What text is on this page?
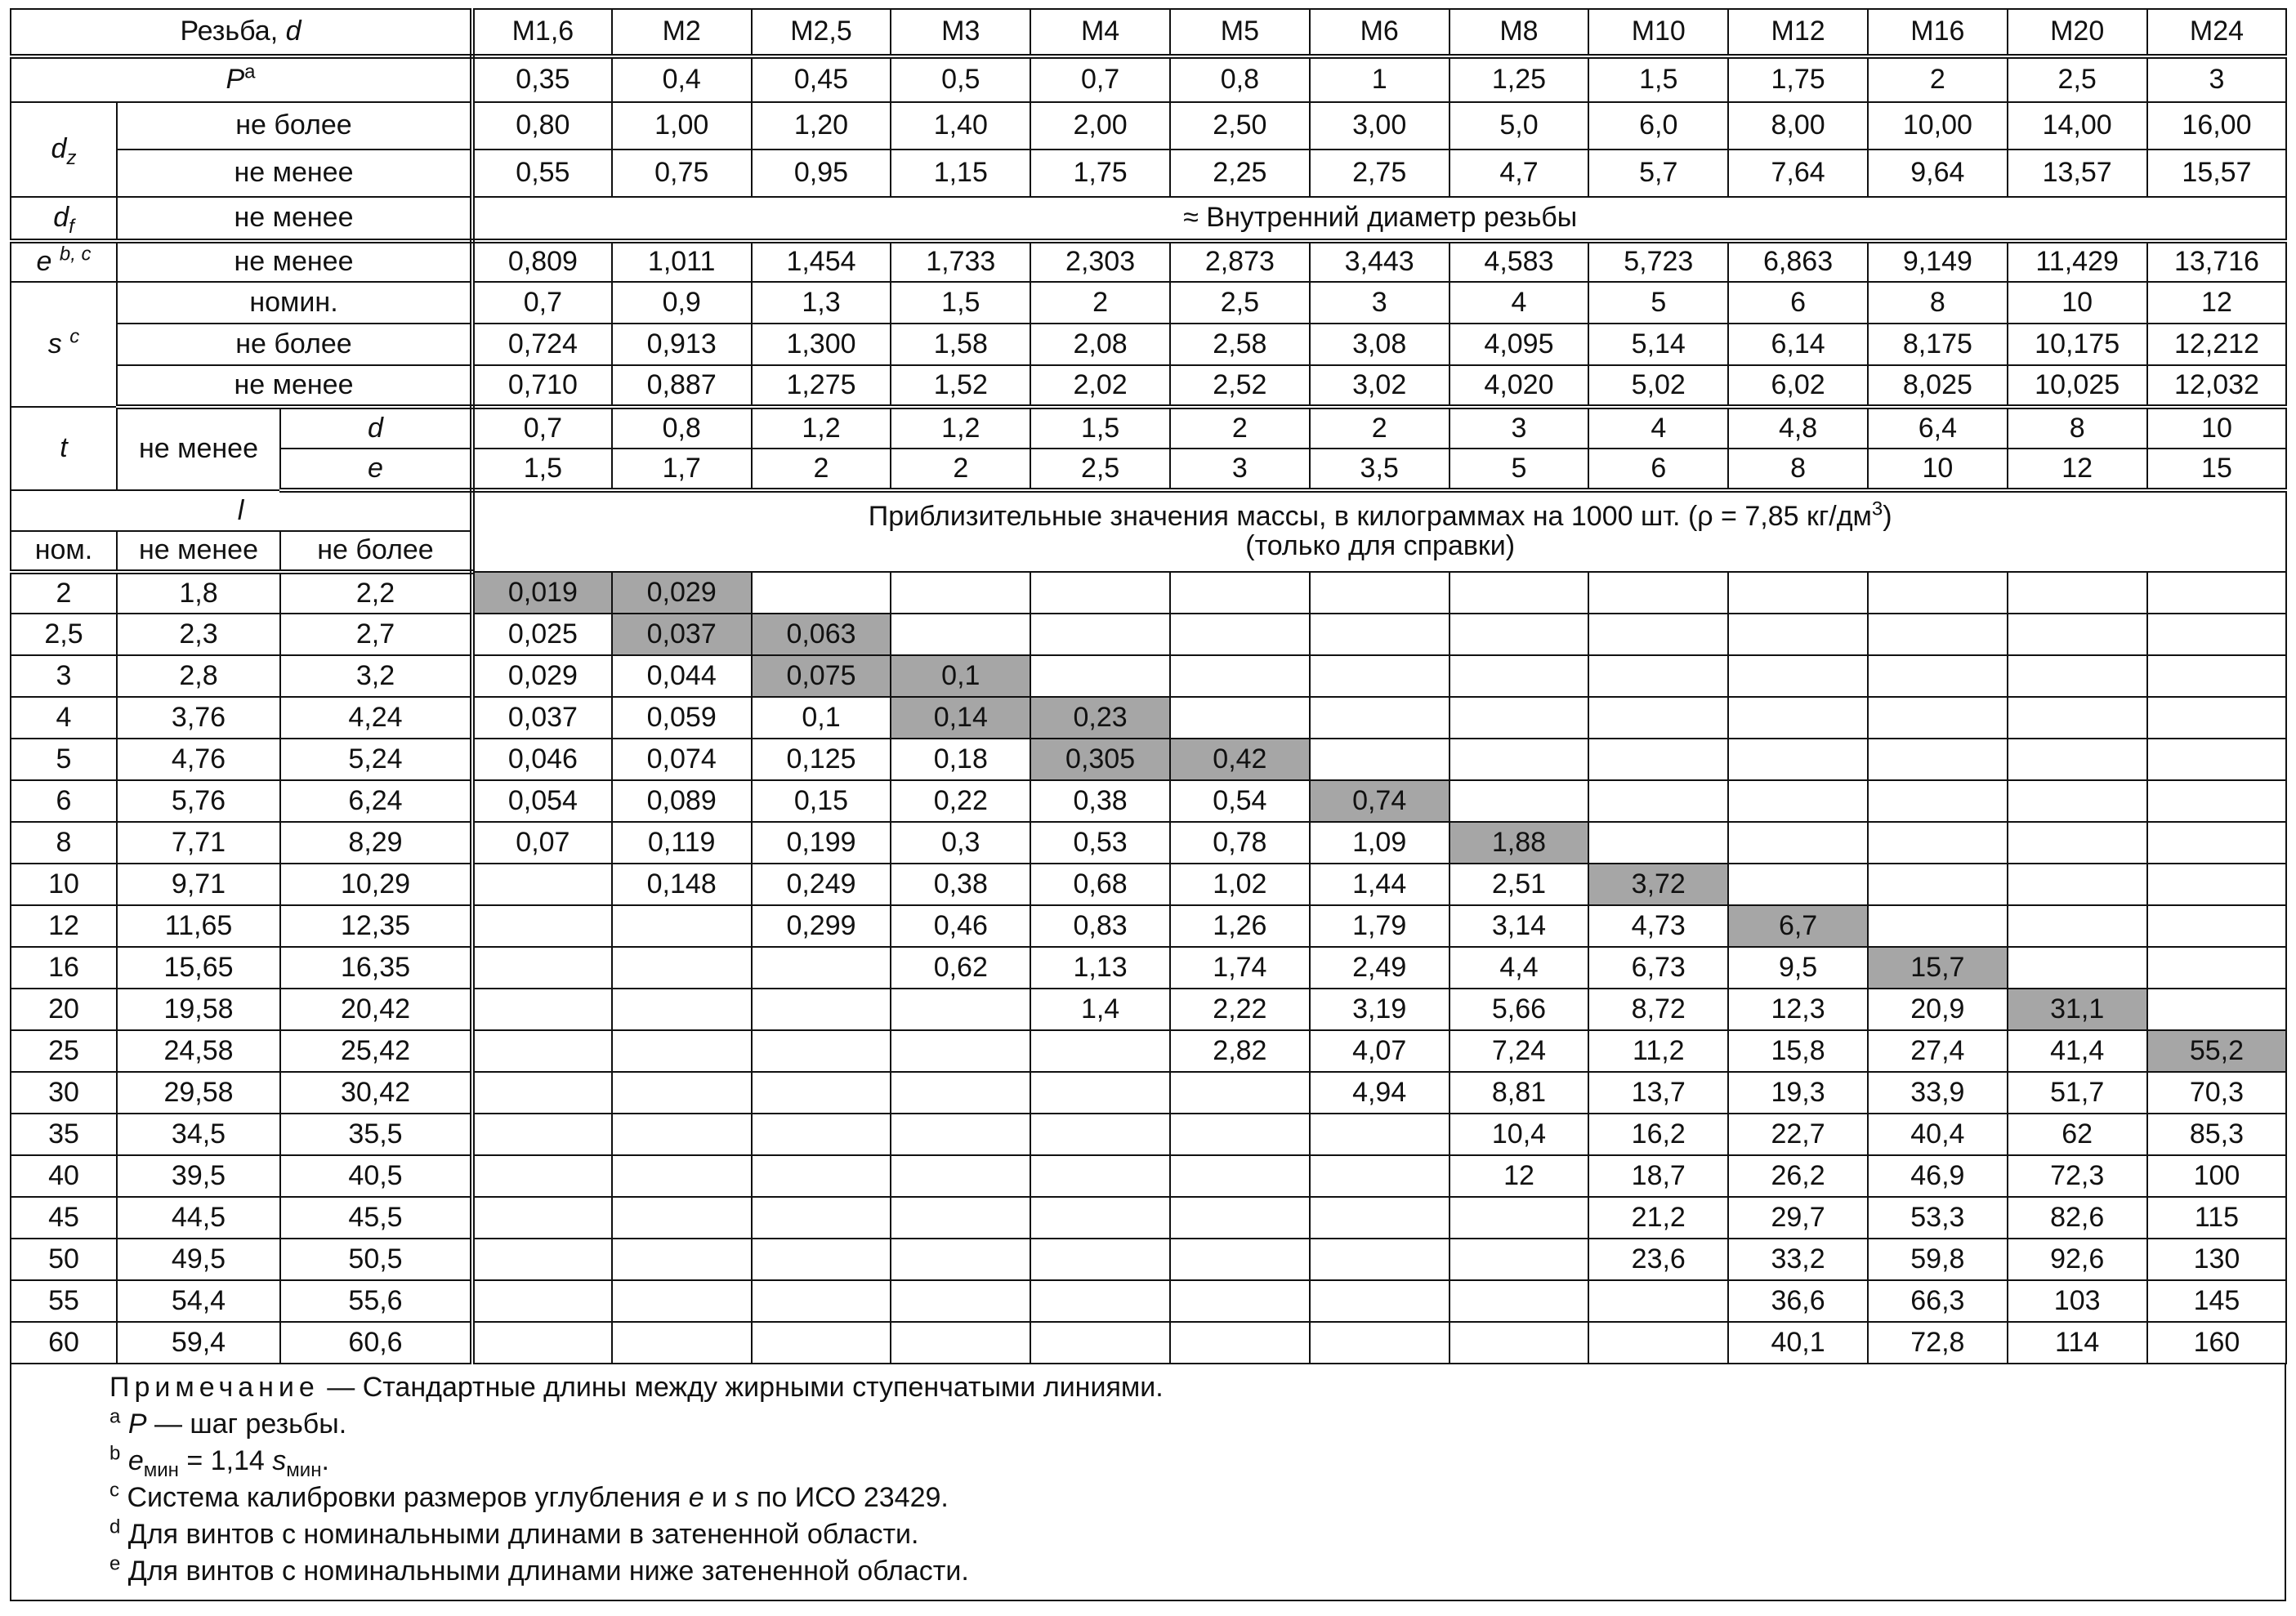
Резьба, d			M1,6	M2	M2,5	M3	M4	M5	M6	M8	M10	M12	M16	M20	M24
$P^a$			0,35	0,4	0,45	0,5	0,7	0,8	1	1,25	1,5	1,75	2	2,5	3
$d_z$	не более		0,80	1,00	1,20	1,40	2,00	2,50	3,00	5,0	6,0	8,00	10,00	14,00	16,00
	не менее		0,55	0,75	0,95	1,15	1,75	2,25	2,75	4,7	5,7	7,64	9,64	13,57	15,57
$d_f$	не менее		≈ Внутренний диаметр резьбы												
e $^{b, c}$	не менее		0,809	1,011	1,454	1,733	2,303	2,873	3,443	4,583	5,723	6,863	9,149	11,429	13,716
s $^c$	номин.		0,7	0,9	1,3	1,5	2	2,5	3	4	5	6	8	10	12
	не более		0,724	0,913	1,300	1,58	2,08	2,58	3,08	4,095	5,14	6,14	8,175	10,175	12,212
	не менее		0,710	0,887	1,275	1,52	2,02	2,52	3,02	4,020	5,02	6,02	8,025	10,025	12,032
t	не менее	d	0,7	0,8	1,2	1,2	1,5	2	2	3	4	4,8	6,4	8	10
		e	1,5	1,7	2	2	2,5	3	3,5	5	6	8	10	12	15
l			Приблизительные значения массы, в килограммах на 1000 шт. (ρ = 7,85 $кг/дм^3$)
(только для справки)												
ном.	не менее	не более													
2	1,8	2,2	0,019	0,029											
2,5	2,3	2,7	0,025	0,037	0,063										
3	2,8	3,2	0,029	0,044	0,075	0,1									
4	3,76	4,24	0,037	0,059	0,1	0,14	0,23								
5	4,76	5,24	0,046	0,074	0,125	0,18	0,305	0,42							
6	5,76	6,24	0,054	0,089	0,15	0,22	0,38	0,54	0,74						
8	7,71	8,29	0,07	0,119	0,199	0,3	0,53	0,78	1,09	1,88					
10	9,71	10,29		0,148	0,249	0,38	0,68	1,02	1,44	2,51	3,72				
12	11,65	12,35			0,299	0,46	0,83	1,26	1,79	3,14	4,73	6,7			
16	15,65	16,35				0,62	1,13	1,74	2,49	4,4	6,73	9,5	15,7		
20	19,58	20,42					1,4	2,22	3,19	5,66	8,72	12,3	20,9	31,1	
25	24,58	25,42						2,82	4,07	7,24	11,2	15,8	27,4	41,4	55,2
30	29,58	30,42							4,94	8,81	13,7	19,3	33,9	51,7	70,3
35	34,5	35,5								10,4	16,2	22,7	40,4	62	85,3
40	39,5	40,5								12	18,7	26,2	46,9	72,3	100
45	44,5	45,5									21,2	29,7	53,3	82,6	115
50	49,5	50,5									23,6	33,2	59,8	92,6	130
55	54,4	55,6										36,6	66,3	103	145
60	59,4	60,6										40,1	72,8	114	160
Примечание — Стандартные длины между жирными ступенчатыми линиями.
$^a$ P — шаг резьбы.
$^b$ $e_{мин} = 1,14$ $s_{мин}$.
$^c$ Система калибровки размеров углубления e и s по ИСО 23429.
$^d$ Для винтов с номинальными длинами в затененной области.
$^e$ Для винтов с номинальными длинами ниже затененной области.
